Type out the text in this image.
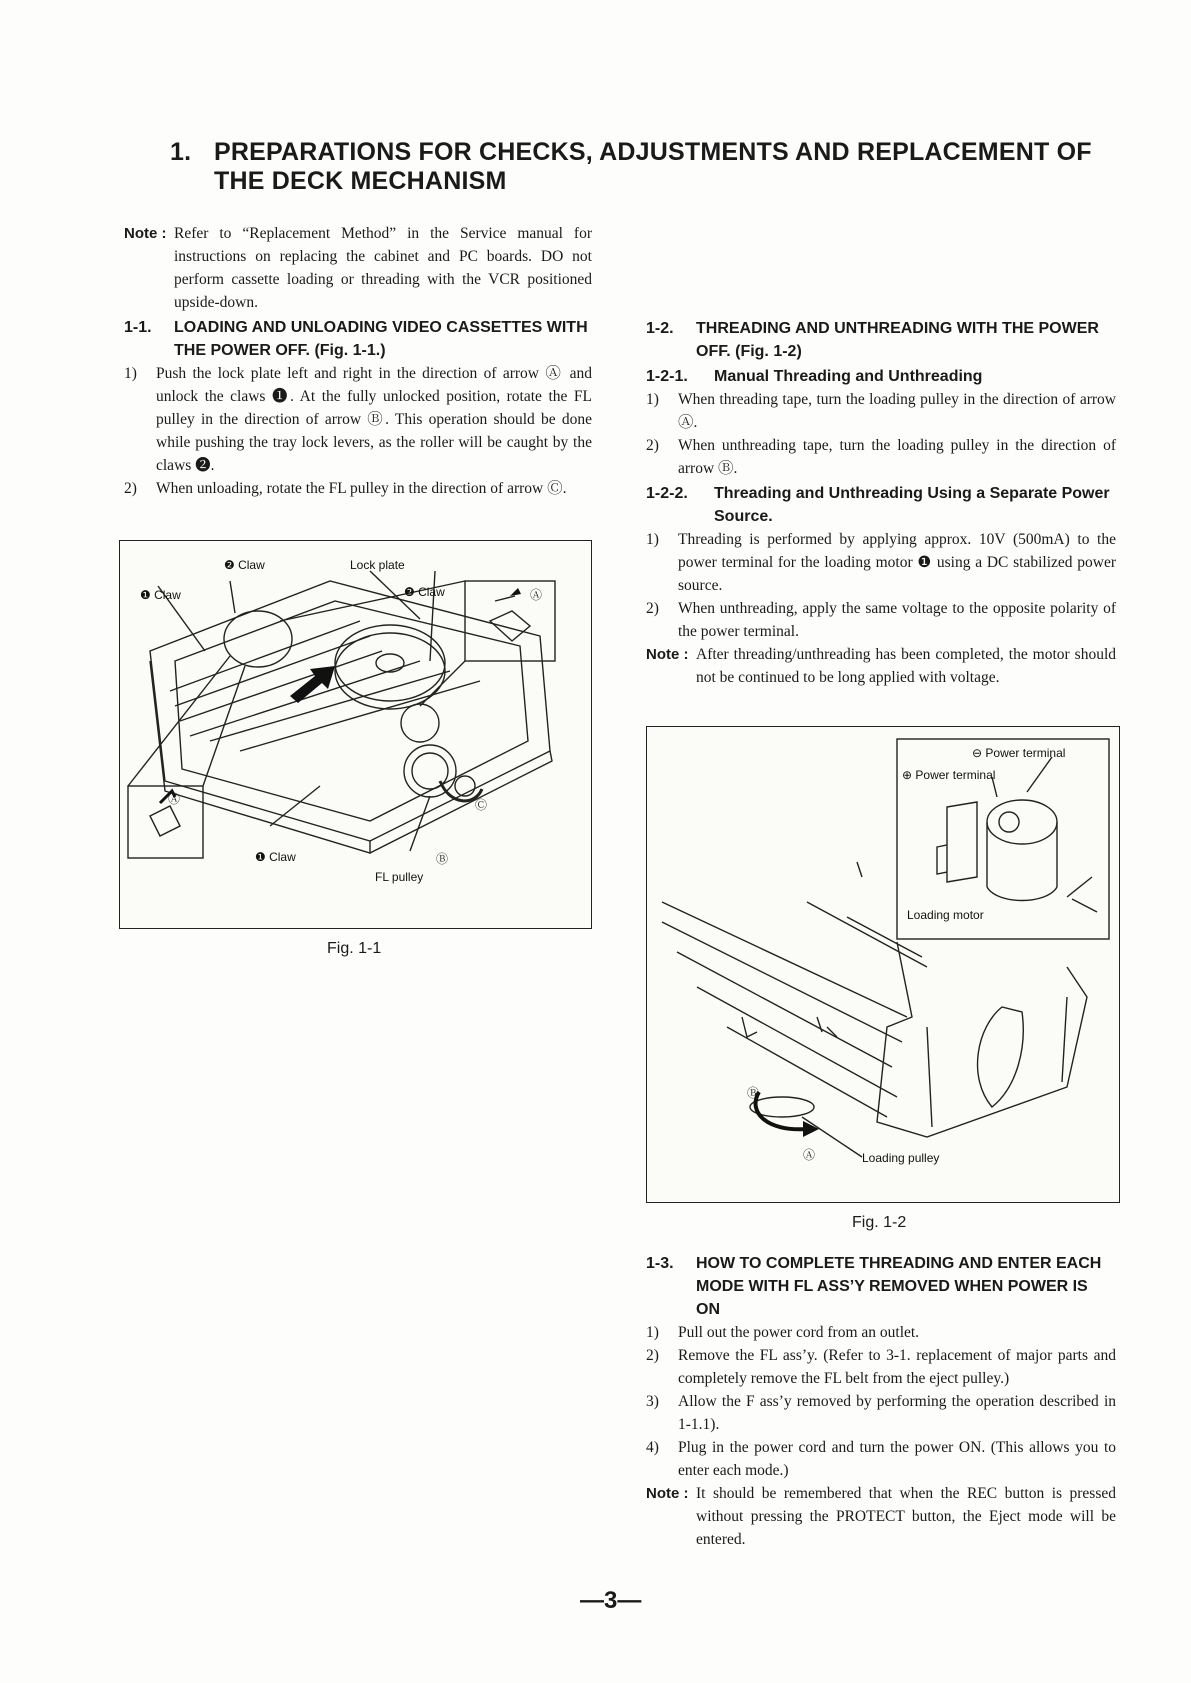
1. PREPARATIONS FOR CHECKS, ADJUSTMENTS AND REPLACEMENT OF
THE DECK MECHANISM
Note : Refer to “Replacement Method” in the Service manual for instructions on replacing the cabinet and PC boards. DO not perform cassette loading or threading with the VCR positioned upside-down.

1-1. LOADING AND UNLOADING VIDEO CASSETTES WITH THE POWER OFF. (Fig. 1-1.)
1) Push the lock plate left and right in the direction of arrow Ⓐ and unlock the claws ❶. At the fully unlocked position, rotate the FL pulley in the direction of arrow Ⓑ. This operation should be done while pushing the tray lock levers, as the roller will be caught by the claws ❷.
2) When unloading, rotate the FL pulley in the direction of arrow Ⓒ.
❷ Claw	Lock plate
❶ Claw	❷ Claw	Ⓐ
Ⓐ
❶ Claw
Ⓒ
Ⓑ
FL pulley
Fig. 1-1
1-2. THREADING AND UNTHREADING WITH THE POWER OFF. (Fig. 1-2)
1-2-1. Manual Threading and Unthreading
1) When threading tape, turn the loading pulley in the direction of arrow Ⓐ.
2) When unthreading tape, turn the loading pulley in the direction of arrow Ⓑ.
1-2-2. Threading and Unthreading Using a Separate Power Source.
1) Threading is performed by applying approx. 10V (500mA) to the power terminal for the loading motor ❶ using a DC stabilized power source.
2) When unthreading, apply the same voltage to the opposite polarity of the power terminal.
Note : After threading/unthreading has been completed, the motor should not be continued to be long applied with voltage.

⊖ Power terminal
⊕ Power terminal
Loading motor
Ⓑ
Ⓐ	Loading pulley
Fig. 1-2
1-3. HOW TO COMPLETE THREADING AND ENTER EACH MODE WITH FL ASS’Y REMOVED WHEN POWER IS ON
1) Pull out the power cord from an outlet.
2) Remove the FL ass’y. (Refer to 3-1. replacement of major parts and completely remove the FL belt from the eject pulley.)
3) Allow the F ass’y removed by performing the operation described in 1-1.1).
4) Plug in the power cord and turn the power ON. (This allows you to enter each mode.)
Note : It should be remembered that when the REC button is pressed without pressing the PROTECT button, the Eject mode will be entered.

—3—
